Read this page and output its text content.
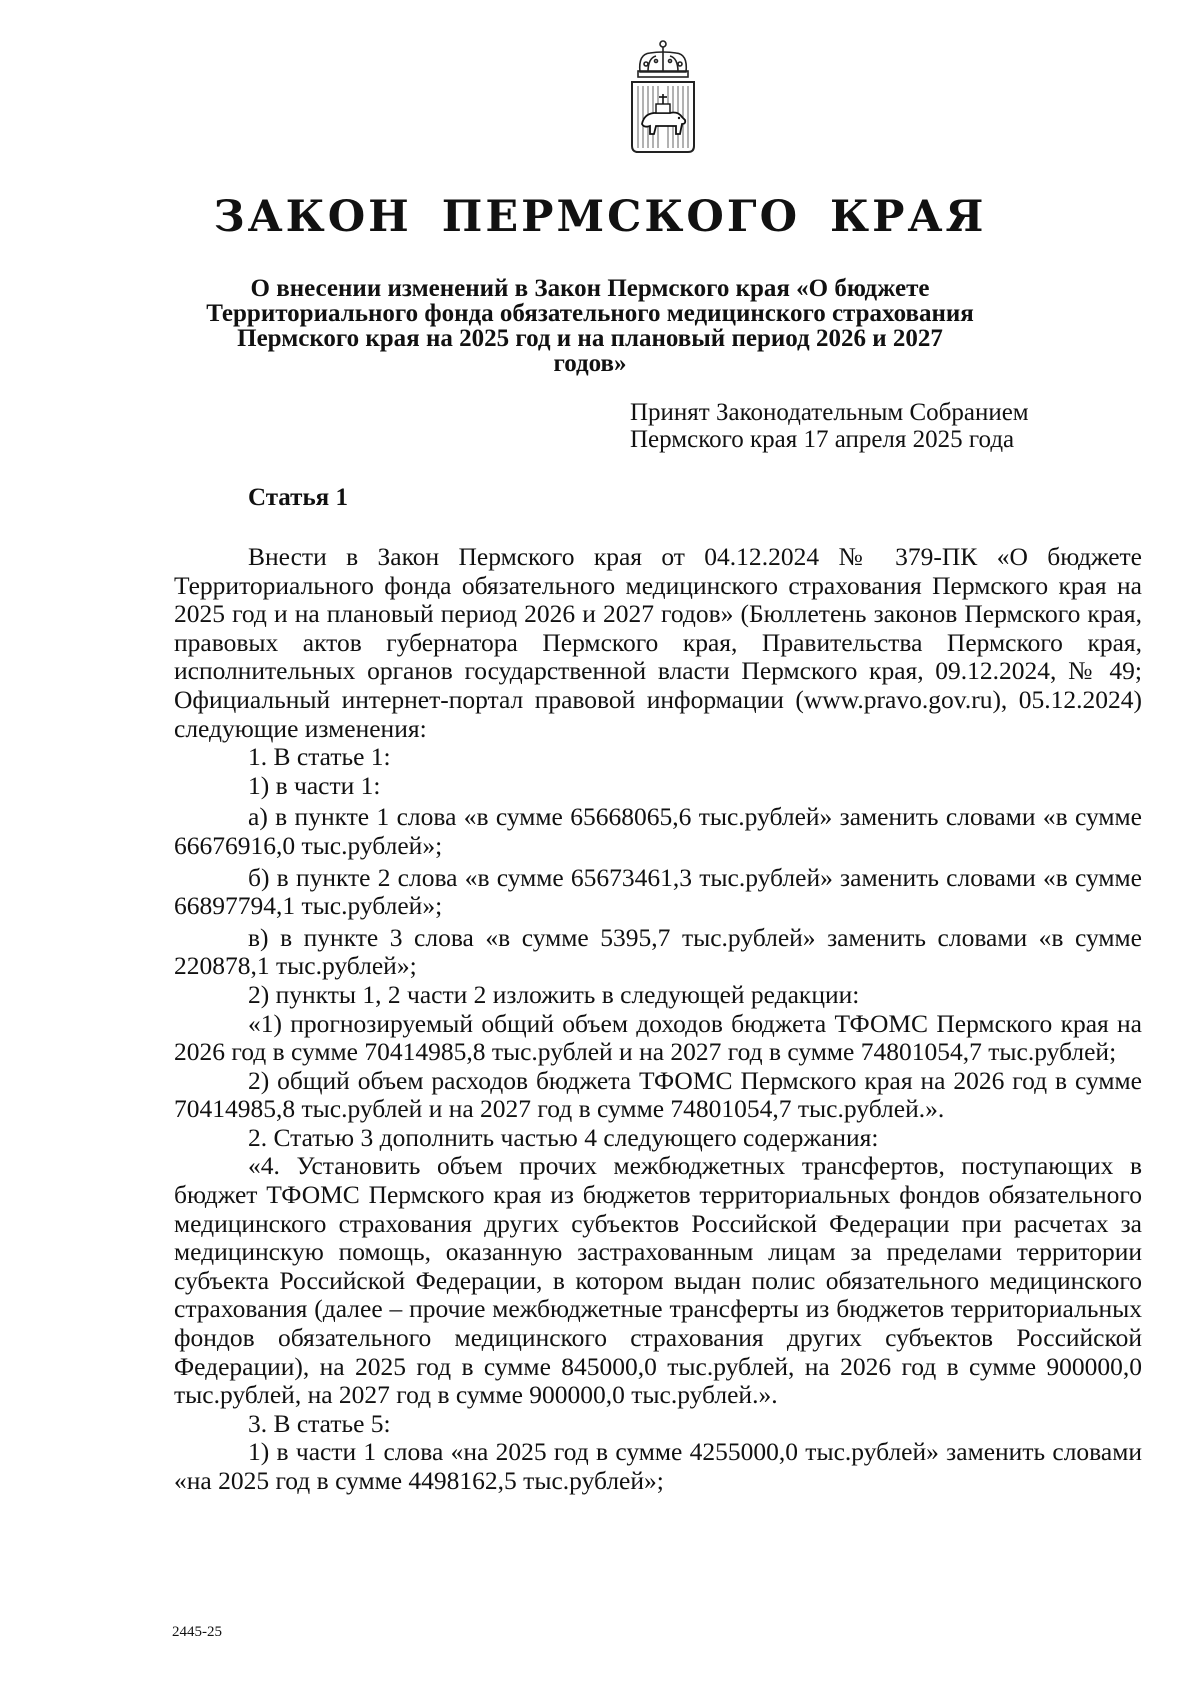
ЗАКОН ПЕРМСКОГО КРАЯ
О внесении изменений в Закон Пермского края «О бюджете
Территориального фонда обязательного медицинского страхования
Пермского края на 2025 год и на плановый период 2026 и 2027 годов»
Принят Законодательным Собранием
Пермского края 17 апреля 2025 года
Статья 1

Внести в Закон Пермского края от 04.12.2024 № 379-ПК «О бюджете Территориального фонда обязательного медицинского страхования Пермского края на 2025 год и на плановый период 2026 и 2027 годов» (Бюллетень законов Пермского края, правовых актов губернатора Пермского края, Правительства Пермского края, исполнительных органов государственной власти Пермского края, 09.12.2024, № 49; Официальный интернет-портал правовой информации (www.pravo.gov.ru), 05.12.2024) следующие изменения:

1. В статье 1:

1) в части 1:

а) в пункте 1 слова «в сумме 65668065,6 тыс.рублей» заменить словами «в сумме 66676916,0 тыс.рублей»;

б) в пункте 2 слова «в сумме 65673461,3 тыс.рублей» заменить словами «в сумме 66897794,1 тыс.рублей»;

в) в пункте 3 слова «в сумме 5395,7 тыс.рублей» заменить словами «в сумме 220878,1 тыс.рублей»;

2) пункты 1, 2 части 2 изложить в следующей редакции:

«1) прогнозируемый общий объем доходов бюджета ТФОМС Пермского края на 2026 год в сумме 70414985,8 тыс.рублей и на 2027 год в сумме 74801054,7 тыс.рублей;

2) общий объем расходов бюджета ТФОМС Пермского края на 2026 год в сумме 70414985,8 тыс.рублей и на 2027 год в сумме 74801054,7 тыс.рублей.».

2. Статью 3 дополнить частью 4 следующего содержания:

«4. Установить объем прочих межбюджетных трансфертов, поступающих в бюджет ТФОМС Пермского края из бюджетов территориальных фондов обязательного медицинского страхования других субъектов Российской Федерации при расчетах за медицинскую помощь, оказанную застрахованным лицам за пределами территории субъекта Российской Федерации, в котором выдан полис обязательного медицинского страхования (далее – прочие межбюджетные трансферты из бюджетов территориальных фондов обязательного медицинского страхования других субъектов Российской Федерации), на 2025 год в сумме 845000,0 тыс.рублей, на 2026 год в сумме 900000,0 тыс.рублей, на 2027 год в сумме 900000,0 тыс.рублей.».

3. В статье 5:

1) в части 1 слова «на 2025 год в сумме 4255000,0 тыс.рублей» заменить словами «на 2025 год в сумме 4498162,5 тыс.рублей»;

2445-25
